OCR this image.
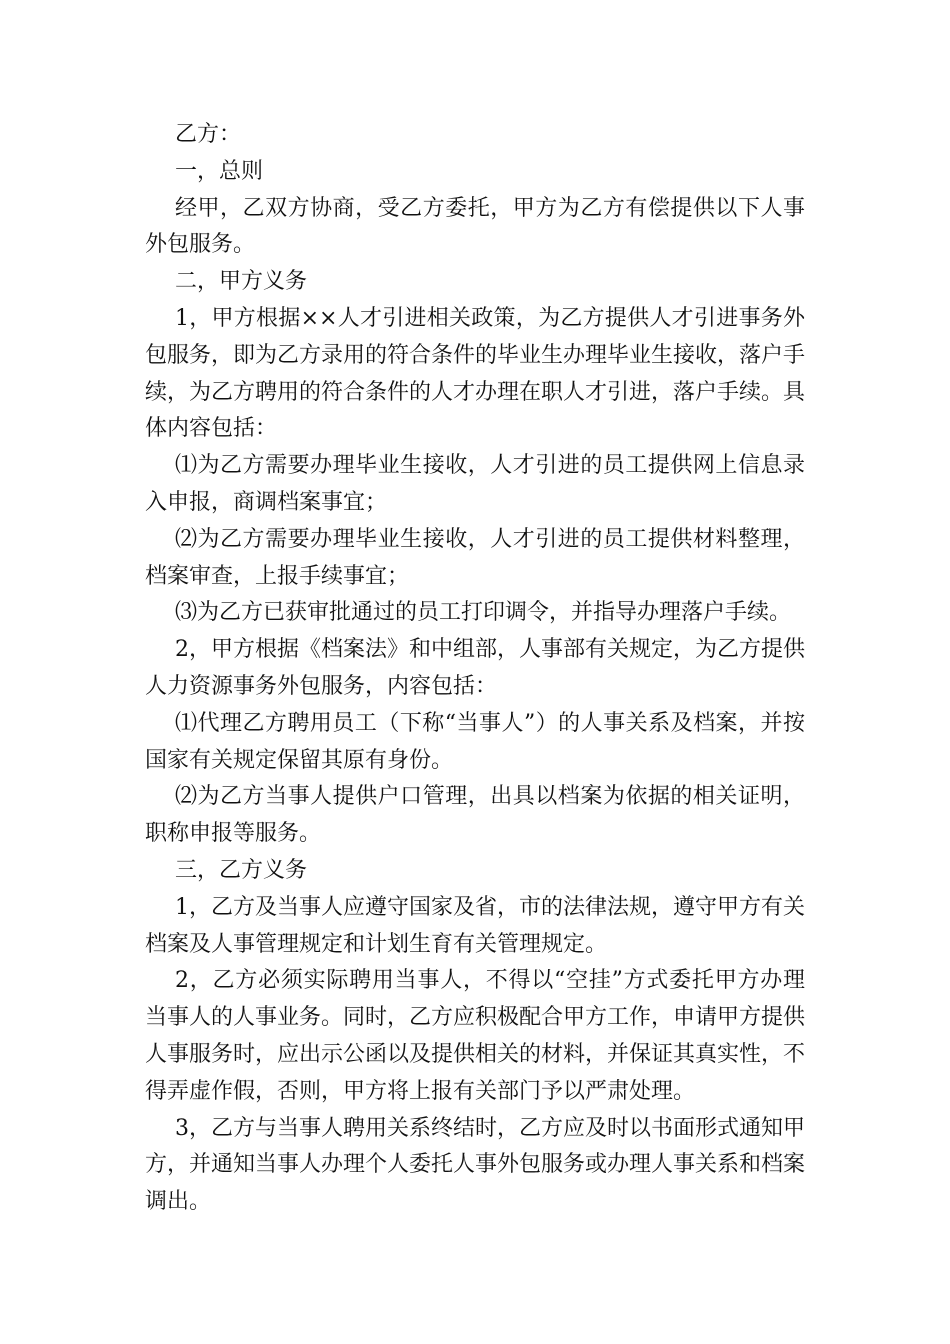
乙方：

一，总则

经甲，乙双方协商，受乙方委托，甲方为乙方有偿提供以下人事外包服务。

二，甲方义务

1，甲方根据××人才引进相关政策，为乙方提供人才引进事务外包服务，即为乙方录用的符合条件的毕业生办理毕业生接收，落户手续，为乙方聘用的符合条件的人才办理在职人才引进，落户手续。具体内容包括：

⑴为乙方需要办理毕业生接收，人才引进的员工提供网上信息录入申报，商调档案事宜；

⑵为乙方需要办理毕业生接收，人才引进的员工提供材料整理，档案审查，上报手续事宜；

⑶为乙方已获审批通过的员工打印调令，并指导办理落户手续。

2，甲方根据《档案法》和中组部，人事部有关规定，为乙方提供人力资源事务外包服务，内容包括：

⑴代理乙方聘用员工（下称“当事人”）的人事关系及档案，并按国家有关规定保留其原有身份。

⑵为乙方当事人提供户口管理，出具以档案为依据的相关证明，职称申报等服务。

三，乙方义务

1，乙方及当事人应遵守国家及省，市的法律法规，遵守甲方有关档案及人事管理规定和计划生育有关管理规定。

2，乙方必须实际聘用当事人，不得以“空挂”方式委托甲方办理当事人的人事业务。同时，乙方应积极配合甲方工作，申请甲方提供人事服务时，应出示公函以及提供相关的材料，并保证其真实性，不得弄虚作假，否则，甲方将上报有关部门予以严肃处理。

3，乙方与当事人聘用关系终结时，乙方应及时以书面形式通知甲方，并通知当事人办理个人委托人事外包服务或办理人事关系和档案调出。
